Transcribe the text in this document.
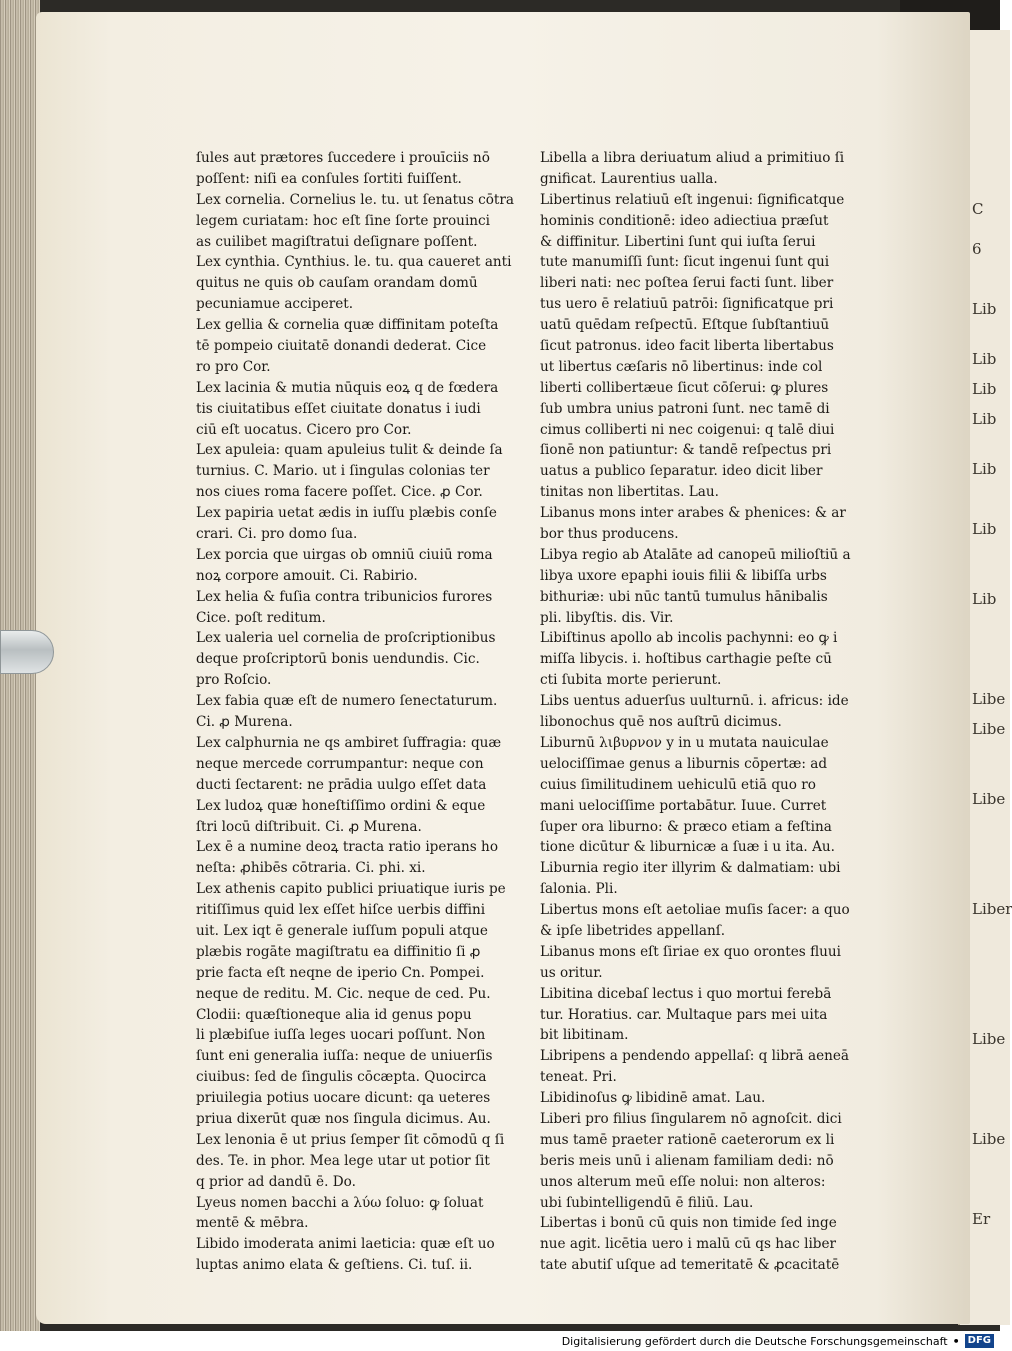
C
6
Lib
Lib
Lib
Lib
Lib
Lib
Lib
Libe
Libe
Libe
Liber
Libe
Libe
Er
ſules aut prætores ſuccedere i prouīciis nō
poſſent: niſi ea conſules ſortiti fuiſſent.
Lex cornelia. Cornelius le. tu. ut ſenatus cōtra
legem curiatam: hoc eſt ſine ſorte prouinci
as cuilibet magiſtratui deſignare poſſent.
Lex cynthia. Cynthius. le. tu. qua caueret anti
quitus ne quis ob cauſam orandam domū
pecuniamue acciperet.
Lex gellia & cornelia quæ diffinitam poteſta
tē pompeio ciuitatē donandi dederat. Cice
ro pro Cor.
Lex lacinia & mutia nūquis eoꝝ q de fœdera
tis ciuitatibus eſſet ciuitate donatus i iudi
ciū eſt uocatus. Cicero pro Cor.
Lex apuleia: quam apuleius tulit & deinde ſa
turnius. C. Mario. ut i ſingulas colonias ter
nos ciues roma facere poſſet. Cice. ꝓ Cor.
Lex papiria uetat ædis in iuſſu plæbis conſe
crari. Ci. pro domo ſua.
Lex porcia que uirgas ob omniū ciuiū roma
noꝝ corpore amouit. Ci. Rabirio.
Lex helia & fuſia contra tribunicios furores
Cice. poſt reditum.
Lex ualeria uel cornelia de proſcriptionibus
deque proſcriptorū bonis uendundis. Cic.
pro Roſcio.
Lex fabia quæ eſt de numero ſenectaturum.
Ci. ꝓ Murena.
Lex calphurnia ne qs ambiret ſuffragia: quæ
neque mercede corrumpantur: neque con
ducti ſectarent: ne prādia uulgo eſſet data
Lex ludoꝝ quæ honeſtiſſimo ordini & eque
ſtri locū diſtribuit. Ci. ꝓ Murena.
Lex ē a numine deoꝝ tracta ratio iperans ho
neſta: ꝓhibēs cōtraria. Ci. phi. xi.
Lex athenis capito publici priuatique iuris pe
ritiſſimus quid lex eſſet hiſce uerbis diffini
uit. Lex iqt ē generale iuſſum populi atque
plæbis rogāte magiſtratu ea diffinitio ſi ꝓ
prie facta eſt neqne de iperio Cn. Pompei.
neque de reditu. M. Cic. neque de ced. Pu.
Clodii: quæſtioneque alia id genus popu
li plæbiſue iuſſa leges uocari poſſunt. Non
ſunt eni generalia iuſſa: neque de uniuerſis
ciuibus: ſed de ſingulis cōcæpta. Quocirca
priuilegia potius uocare dicunt: qa ueteres
priua dixerūt quæ nos ſingula dicimus. Au.
Lex lenonia ē ut prius ſemper ſit cōmodū q ſi
des. Te. in phor. Mea lege utar ut potior ſit
q prior ad dandū ē. Do.
Lyeus nomen bacchi a λύω ſoluo: ꝙ ſoluat
mentē & mēbra.
Libido imoderata animi laeticia: quæ eſt uo
luptas animo elata & geſtiens. Ci. tuſ. ii.
Libella a libra deriuatum aliud a primitiuo ſi
gnificat. Laurentius ualla.
Libertinus relatiuū eſt ingenui: ſignificatque
hominis conditionē: ideo adiectiua præſut
& diffinitur. Libertini ſunt qui iuſta ſerui
tute manumiſſi ſunt: ſicut ingenui ſunt qui
liberi nati: nec poſtea ſerui facti ſunt. liber
tus uero ē relatiuū patrōi: ſignificatque pri
uatū quēdam reſpectū. Eſtque ſubſtantiuū
ſicut patronus. ideo facit liberta libertabus
ut libertus cæſaris nō libertinus: inde col
liberti collibertæue ſicut cōſerui: ꝙ plures
ſub umbra unius patroni ſunt. nec tamē di
cimus colliberti ni nec coigenui: q talē diui
ſionē non patiuntur: & tandē reſpectus pri
uatus a publico ſeparatur. ideo dicit liber
tinitas non libertitas. Lau.
Libanus mons inter arabes & phenices: & ar
bor thus producens.
Libya regio ab Atalāte ad canopeū milioſtiū a
libya uxore epaphi iouis filii & libiſſa urbs
bithuriæ: ubi nūc tantū tumulus hānibalis
pli. libyſtis. dis. Vir.
Libiſtinus apollo ab incolis pachynni: eo ꝙ i
miſſa libycis. i. hoſtibus carthagie peſte cū
cti ſubita morte perierunt.
Libs uentus aduerſus uulturnū. i. africus: ide
libonochus quē nos auſtrū dicimus.
Liburnū λιβυρνον y in u mutata nauiculae
uelociſſimae genus a liburnis cōpertæ: ad
cuius ſimilitudinem uehiculū etiā quo ro
mani uelociſſime portabātur. Iuue. Curret
ſuper ora liburno: & præco etiam a feſtina
tione dicūtur & liburnicæ a ſuæ i u ita. Au.
Liburnia regio iter illyrim & dalmatiam: ubi
ſalonia. Pli.
Libertus mons eſt aetoliae muſis ſacer: a quo
& ipſe libetrides appellanſ.
Libanus mons eſt ſiriae ex quo orontes fluui
us oritur.
Libitina dicebaſ lectus i quo mortui ferebā
tur. Horatius. car. Multaque pars mei uita
bit libitinam.
Libripens a pendendo appellaſ: q librā aeneā
teneat. Pri.
Libidinoſus ꝙ libidinē amat. Lau.
Liberi pro filius ſingularem nō agnoſcit. dici
mus tamē praeter rationē caeterorum ex li
beris meis unū i alienam familiam dedi: nō
unos alterum meū eſſe nolui: non alteros:
ubi ſubintelligendū ē filiū. Lau.
Libertas i bonū cū quis non timide ſed inge
nue agit. licētia uero i malū cū qs hac liber
tate abutiſ uſque ad temeritatē & ꝓcacitatē
Digitalisierung gefördert durch die Deutsche Forschungsgemeinschaft • DFG
